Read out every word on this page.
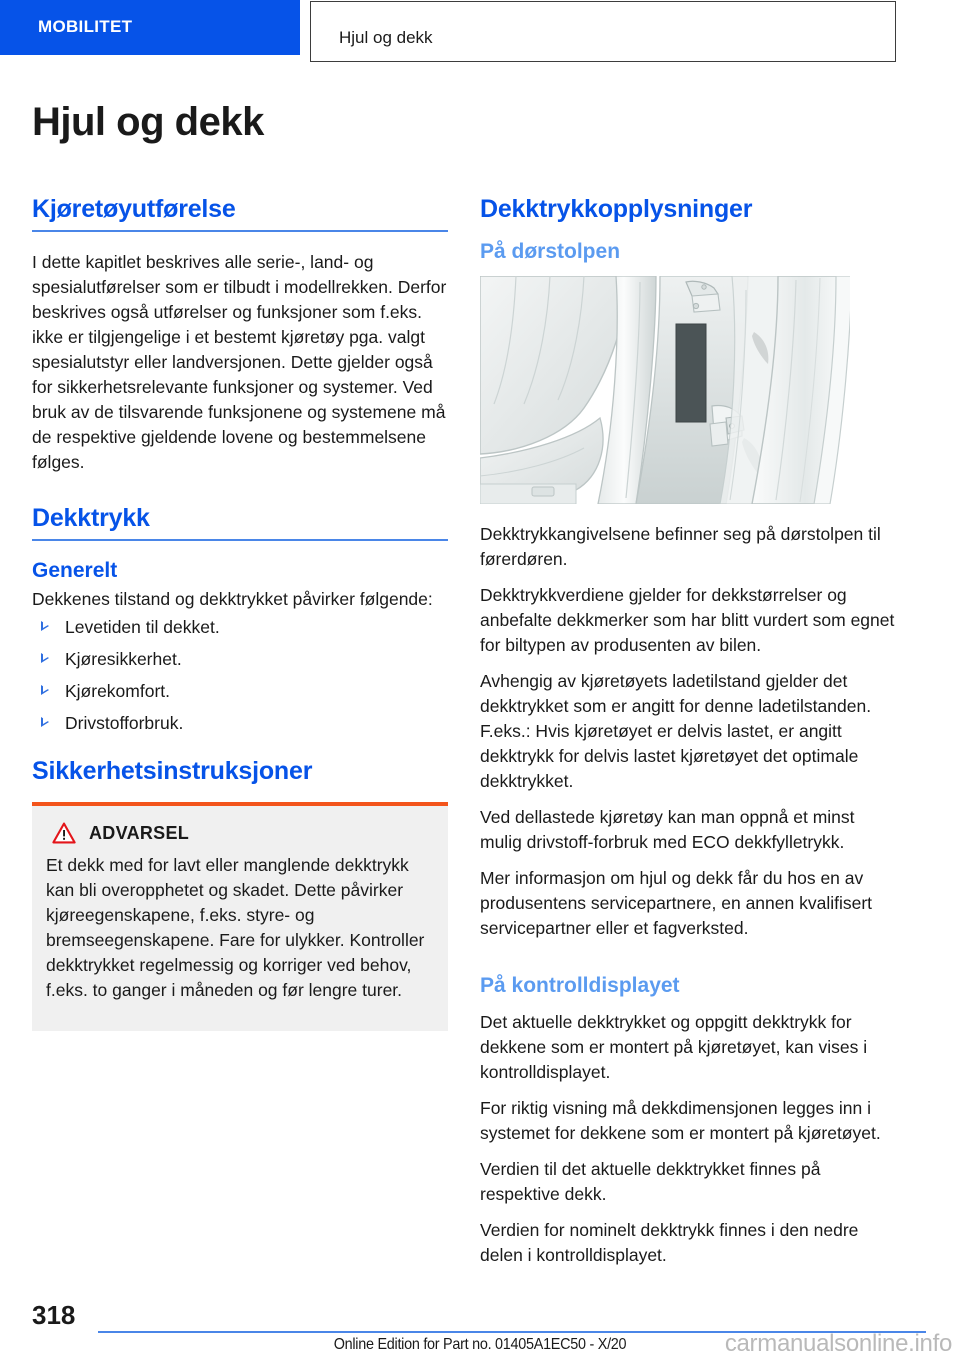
MOBILITET
Hjul og dekk
Hjul og dekk
Kjøretøyutførelse

I dette kapitlet beskrives alle serie-, land- og spesialutførelser som er tilbudt i modellrekken. Derfor beskrives også utførelser og funksjoner som f.eks. ikke er tilgjengelige i et bestemt kjøretøy pga. valgt spesialutstyr eller landversjonen. Dette gjelder også for sikkerhetsrelevante funksjoner og systemer. Ved bruk av de tilsvarende funksjonene og systemene må de respektive gjeldende lovene og bestemmelsene følges.

Dekktrykk
Generelt

Dekkenes tilstand og dekktrykket påvirker følgende:

Levetiden til dekket.
Kjøresikkerhet.
Kjørekomfort.
Drivstofforbruk.
Sikkerhetsinstruksjoner
ADVARSEL

Et dekk med for lavt eller manglende dekktrykk kan bli overopphetet og skadet. Dette påvirker kjøreegenskapene, f.eks. styre- og bremseegenskapene. Fare for ulykker. Kontroller dekktrykket regelmessig og korriger ved behov, f.eks. to ganger i måneden og før lengre turer.

Dekktrykkopplysninger
På dørstolpen

Dekktrykkangivelsene befinner seg på dørstolpen til førerdøren.

Dekktrykkverdiene gjelder for dekkstørrelser og anbefalte dekkmerker som har blitt vurdert som egnet for biltypen av produsenten av bilen.

Avhengig av kjøretøyets ladetilstand gjelder det dekktrykket som er angitt for denne ladetilstanden. F.eks.: Hvis kjøretøyet er delvis lastet, er angitt dekktrykk for delvis lastet kjøretøyet det optimale dekktrykket.

Ved dellastede kjøretøy kan man oppnå et minst mulig drivstoff-forbruk med ECO dekkfylletrykk.

Mer informasjon om hjul og dekk får du hos en av produsentens servicepartnere, en annen kvalifisert servicepartner eller et fagverksted.

På kontrolldisplayet

Det aktuelle dekktrykket og oppgitt dekktrykk for dekkene som er montert på kjøretøyet, kan vises i kontrolldisplayet.

For riktig visning må dekkdimensjonen legges inn i systemet for dekkene som er montert på kjøretøyet.

Verdien til det aktuelle dekktrykket finnes på respektive dekk.

Verdien for nominelt dekktrykk finnes i den nedre delen i kontrolldisplayet.

318
Online Edition for Part no. 01405A1EC50 - X/20	carmanualsonline.info
